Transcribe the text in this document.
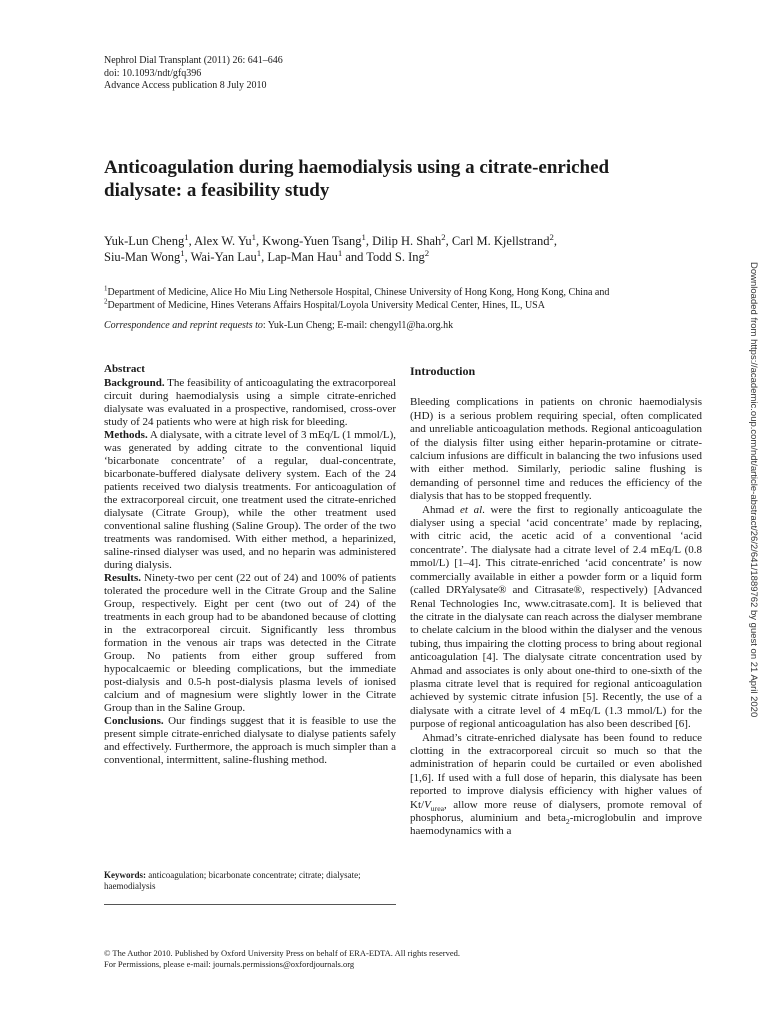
Nephrol Dial Transplant (2011) 26: 641–646
doi: 10.1093/ndt/gfq396
Advance Access publication 8 July 2010
Anticoagulation during haemodialysis using a citrate-enriched dialysate: a feasibility study
Yuk-Lun Cheng$^1$, Alex W. Yu$^1$, Kwong-Yuen Tsang$^1$, Dilip H. Shah$^2$, Carl M. Kjellstrand$^2$,
Siu-Man Wong$^1$, Wai-Yan Lau$^1$, Lap-Man Hau$^1$ and Todd S. Ing$^2$
$^1$Department of Medicine, Alice Ho Miu Ling Nethersole Hospital, Chinese University of Hong Kong, Hong Kong, China and
$^2$Department of Medicine, Hines Veterans Affairs Hospital/Loyola University Medical Center, Hines, IL, USA
Correspondence and reprint requests to: Yuk-Lun Cheng; E-mail: chengyl1@ha.org.hk
Abstract

Background. The feasibility of anticoagulating the extracorporeal circuit during haemodialysis using a simple citrate-enriched dialysate was evaluated in a prospective, randomised, cross-over study of 24 patients who were at high risk for bleeding.

Methods. A dialysate, with a citrate level of 3 mEq/L (1 mmol/L), was generated by adding citrate to the conventional liquid ‘bicarbonate concentrate’ of a regular, dual-concentrate, bicarbonate-buffered dialysate delivery system. Each of the 24 patients received two dialysis treatments. For anticoagulation of the extracorporeal circuit, one treatment used the citrate-enriched dialysate (Citrate Group), while the other treatment used conventional saline flushing (Saline Group). The order of the two treatments was randomised. With either method, a heparinized, saline-rinsed dialyser was used, and no heparin was administered during dialysis.

Results. Ninety-two per cent (22 out of 24) and 100% of patients tolerated the procedure well in the Citrate Group and the Saline Group, respectively. Eight per cent (two out of 24) of the treatments in each group had to be abandoned because of clotting in the extracorporeal circuit. Significantly less thrombus formation in the venous air traps was detected in the Citrate Group. No patients from either group suffered from hypocalcaemic or bleeding complications, but the immediate post-dialysis and 0.5-h post-dialysis plasma levels of ionised calcium and of magnesium were slightly lower in the Citrate Group than in the Saline Group.

Conclusions. Our findings suggest that it is feasible to use the present simple citrate-enriched dialysate to dialyse patients safely and effectively. Furthermore, the approach is much simpler than a conventional, intermittent, saline-flushing method.

Keywords: anticoagulation; bicarbonate concentrate; citrate; dialysate; haemodialysis
Introduction

Bleeding complications in patients on chronic haemodialysis (HD) is a serious problem requiring special, often complicated and unreliable anticoagulation methods. Regional anticoagulation of the dialysis filter using either heparin-protamine or citrate-calcium infusions are difficult in balancing the two infusions used with either method. Similarly, periodic saline flushing is demanding of personnel time and reduces the efficiency of the dialysis that has to be stopped frequently.

Ahmad et al. were the first to regionally anticoagulate the dialyser using a special ‘acid concentrate’ made by replacing, with citric acid, the acetic acid of a conventional ‘acid concentrate’. The dialysate had a citrate level of 2.4 mEq/L (0.8 mmol/L) [1–4]. This citrate-enriched ‘acid concentrate’ is now commercially available in either a powder form or a liquid form (called DRYalysate® and Citrasate®, respectively) [Advanced Renal Technologies Inc, www.citrasate.com]. It is believed that the citrate in the dialysate can reach across the dialyser membrane to chelate calcium in the blood within the dialyser and the venous tubing, thus impairing the clotting process to bring about regional anticoagulation [4]. The dialysate citrate concentration used by Ahmad and associates is only about one-third to one-sixth of the plasma citrate level that is required for regional anticoagulation achieved by systemic citrate infusion [5]. Recently, the use of a dialysate with a citrate level of 4 mEq/L (1.3 mmol/L) for the purpose of regional anticoagulation has also been described [6].

Ahmad’s citrate-enriched dialysate has been found to reduce clotting in the extracorporeal circuit so much so that the administration of heparin could be curtailed or even abolished [1,6]. If used with a full dose of heparin, this dialysate has been reported to improve dialysis efficiency with higher values of $Kt/V_{urea}$, allow more reuse of dialysers, promote removal of phosphorus, aluminium and beta$_2$-microglobulin and improve haemodynamics with a

© The Author 2010. Published by Oxford University Press on behalf of ERA-EDTA. All rights reserved.
For Permissions, please e-mail: journals.permissions@oxfordjournals.org
Downloaded from https://academic.oup.com/ndt/article-abstract/26/2/641/1889762 by guest on 21 April 2020
